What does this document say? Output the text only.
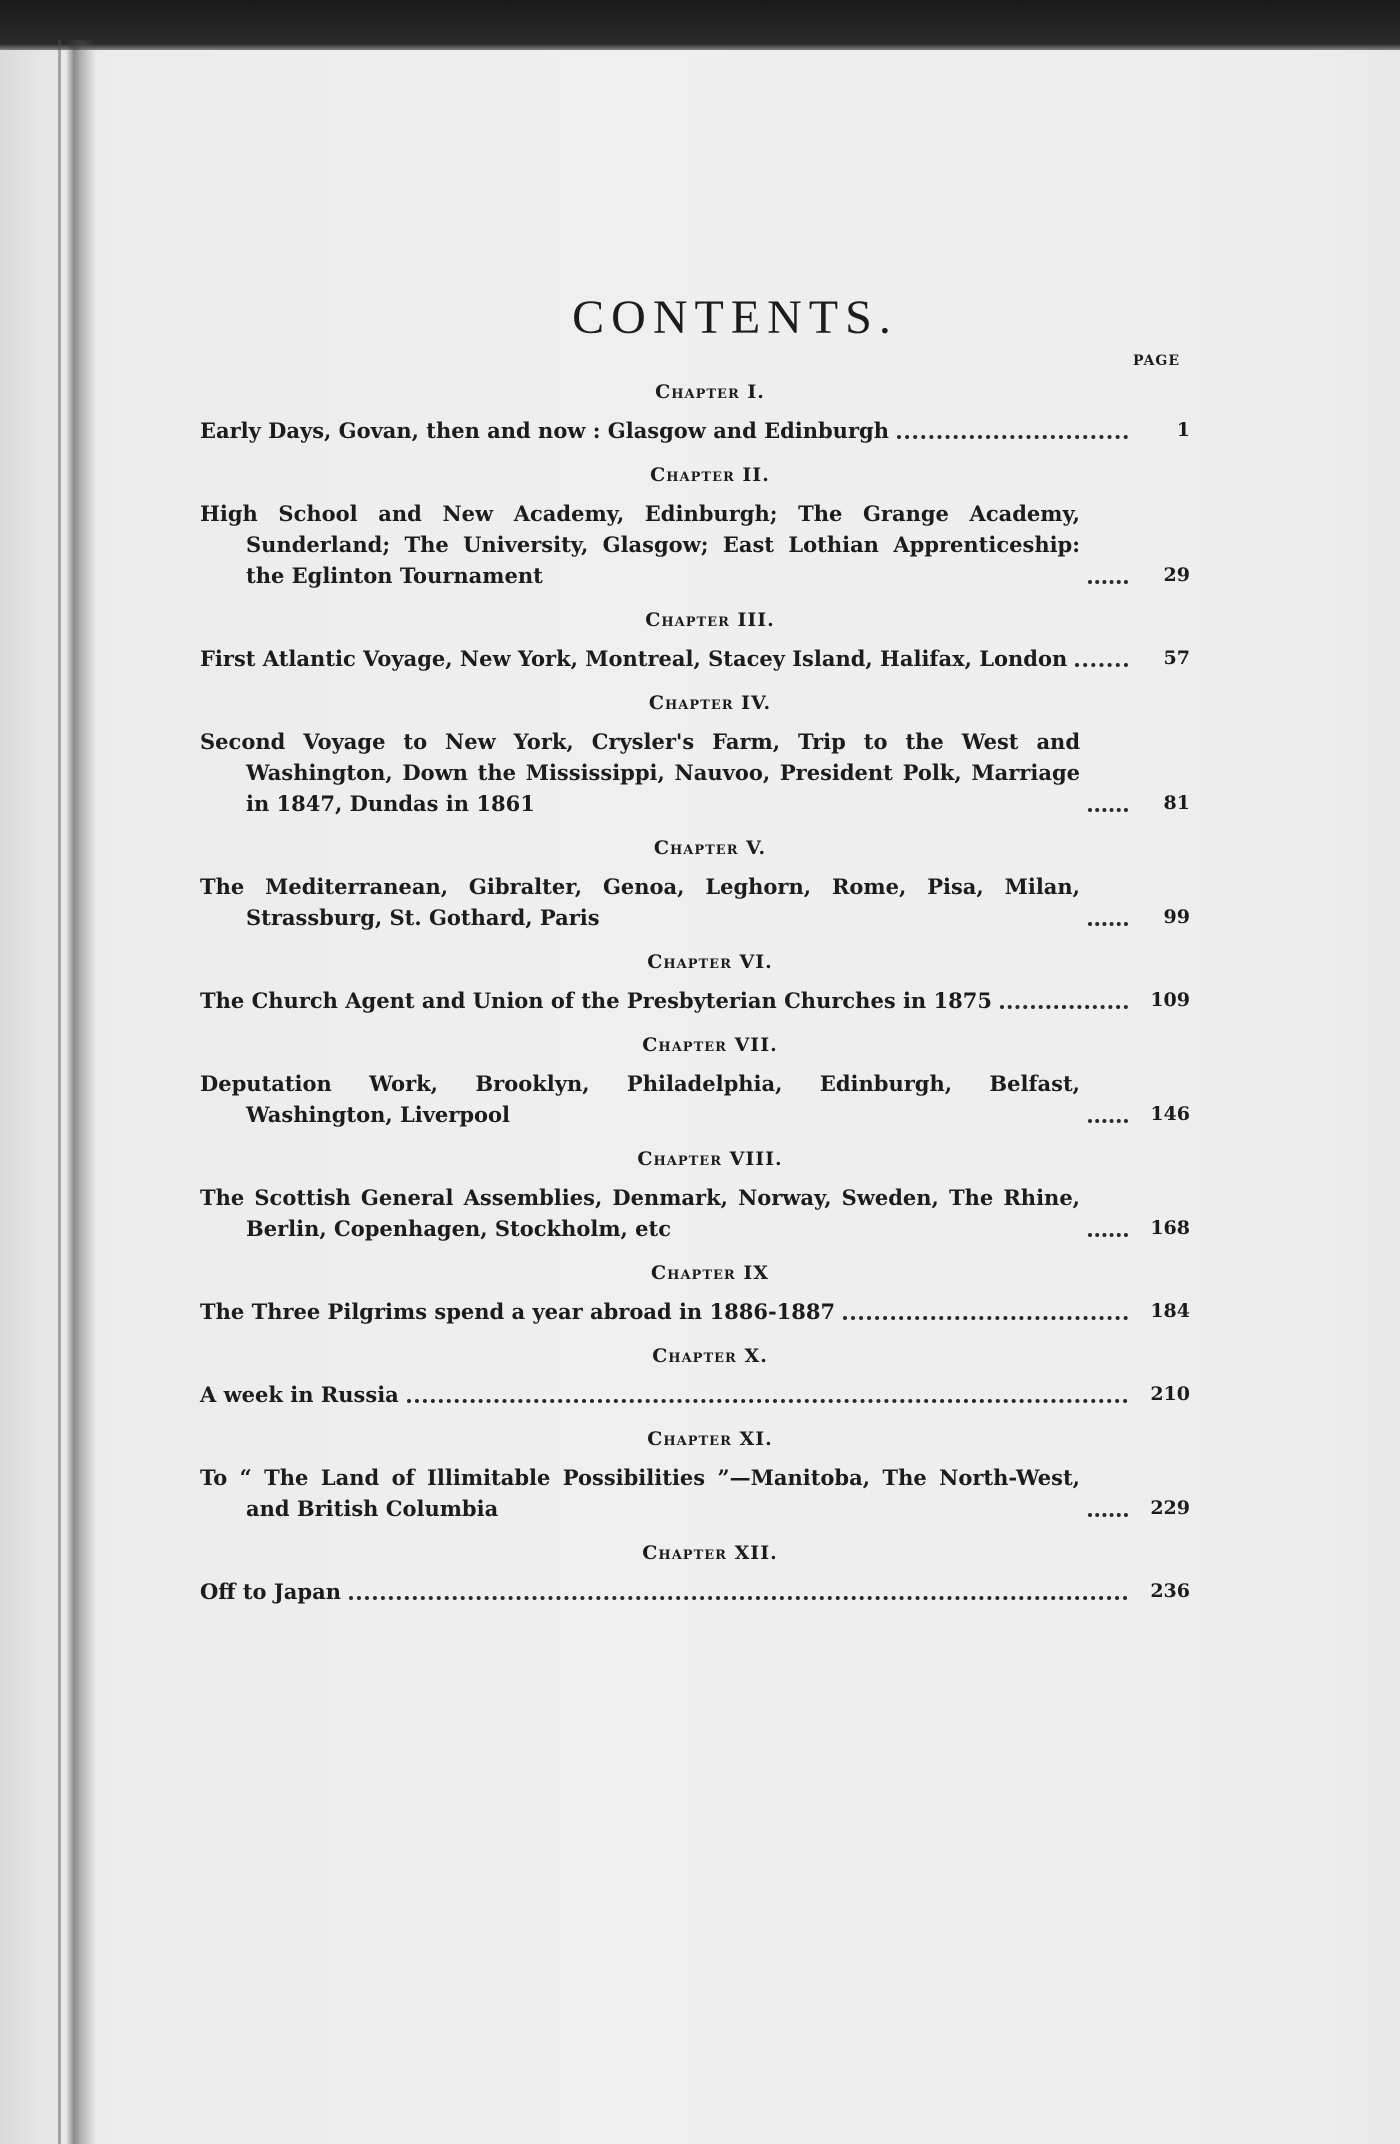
CONTENTS.
PAGE
Chapter I.
Early Days, Govan, then and now : Glasgow and Edinburgh	1
Chapter II.
High School and New Academy, Edinburgh; The Grange Academy, Sunderland; The University, Glasgow; East Lothian Apprenticeship: the Eglinton Tournament	29
Chapter III.
First Atlantic Voyage, New York, Montreal, Stacey Island, Halifax, London	57
Chapter IV.
Second Voyage to New York, Crysler's Farm, Trip to the West and Washington, Down the Mississippi, Nauvoo, President Polk, Marriage in 1847, Dundas in 1861	81
Chapter V.
The Mediterranean, Gibralter, Genoa, Leghorn, Rome, Pisa, Milan, Strassburg, St. Gothard, Paris	99
Chapter VI.
The Church Agent and Union of the Presbyterian Churches in 1875	109
Chapter VII.
Deputation Work, Brooklyn, Philadelphia, Edinburgh, Belfast, Washington, Liverpool	146
Chapter VIII.
The Scottish General Assemblies, Denmark, Norway, Sweden, The Rhine, Berlin, Copenhagen, Stockholm, etc	168
Chapter IX
The Three Pilgrims spend a year abroad in 1886-1887	184
Chapter X.
A week in Russia	210
Chapter XI.
To “ The Land of Illimitable Possibilities ”—Manitoba, The North-West, and British Columbia	229
Chapter XII.
Off to Japan	236
